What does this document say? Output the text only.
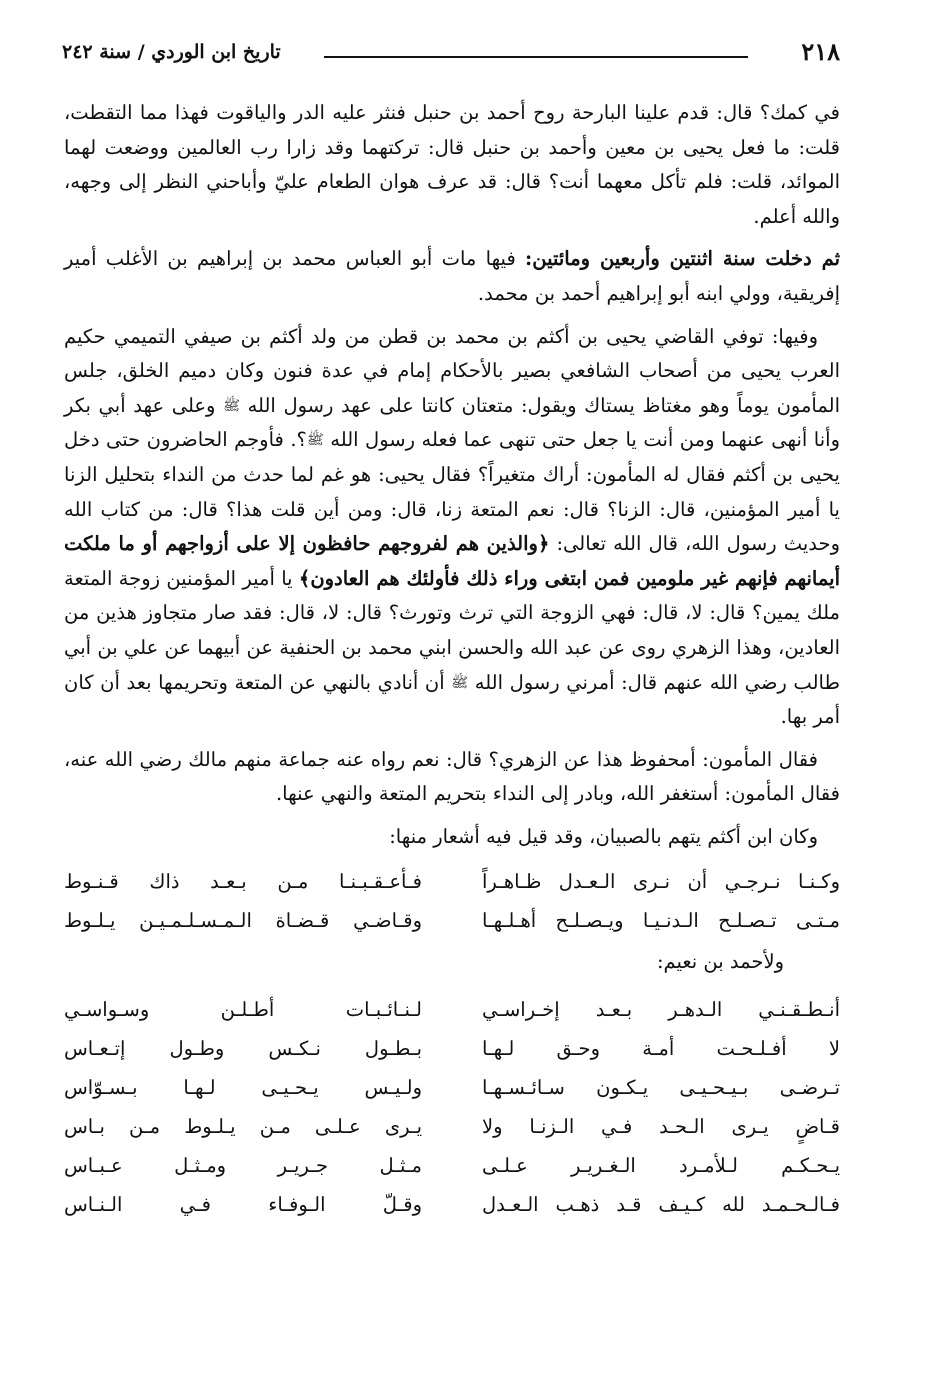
٢١٨
تاريخ ابن الوردي / سنة ٢٤٢

في كمك؟ قال: قدم علينا البارحة روح أحمد بن حنبل فنثر عليه الدر والياقوت فهذا مما التقطت، قلت: ما فعل يحيى بن معين وأحمد بن حنبل قال: تركتهما وقد زارا رب العالمين ووضعت لهما الموائد، قلت: فلم تأكل معهما أنت؟ قال: قد عرف هوان الطعام عليّ وأباحني النظر إلى وجهه، والله أعلم.

ثم دخلت سنة اثنتين وأربعين ومائتين: فيها مات أبو العباس محمد بن إبراهيم بن الأغلب أمير إفريقية، وولي ابنه أبو إبراهيم أحمد بن محمد.

وفيها: توفي القاضي يحيى بن أكثم بن محمد بن قطن من ولد أكثم بن صيفي التميمي حكيم العرب يحيى من أصحاب الشافعي بصير بالأحكام إمام في عدة فنون وكان دميم الخلق، جلس المأمون يوماً وهو مغتاظ يستاك ويقول: متعتان كانتا على عهد رسول الله ﷺ وعلى عهد أبي بكر وأنا أنهى عنهما ومن أنت يا جعل حتى تنهى عما فعله رسول الله ﷺ؟. فأوجم الحاضرون حتى دخل يحيى بن أكثم فقال له المأمون: أراك متغيراً؟ فقال يحيى: هو غم لما حدث من النداء بتحليل الزنا يا أمير المؤمنين، قال: الزنا؟ قال: نعم المتعة زنا، قال: ومن أين قلت هذا؟ قال: من كتاب الله وحديث رسول الله، قال الله تعالى: ﴿والذين هم لفروجهم حافظون إلا على أزواجهم أو ما ملكت أيمانهم فإنهم غير ملومين فمن ابتغى وراء ذلك فأولئك هم العادون﴾ يا أمير المؤمنين زوجة المتعة ملك يمين؟ قال: لا، قال: فهي الزوجة التي ترث وتورث؟ قال: لا، قال: فقد صار متجاوز هذين من العادين، وهذا الزهري روى عن عبد الله والحسن ابني محمد بن الحنفية عن أبيهما عن علي بن أبي طالب رضي الله عنهم قال: أمرني رسول الله ﷺ أن أنادي بالنهي عن المتعة وتحريمها بعد أن كان أمر بها.

فقال المأمون: أمحفوظ هذا عن الزهري؟ قال: نعم رواه عنه جماعة منهم مالك رضي الله عنه، فقال المأمون: أستغفر الله، وبادر إلى النداء بتحريم المتعة والنهي عنها.

وكان ابن أكثم يتهم بالصبيان، وقد قيل فيه أشعار منها:

وكـنـا نـرجـي أن نـرى الـعـدل ظـاهـراً
فـأعـقـبـنـا مـن بـعـد ذاك قـنـوط
مـتـى تـصـلـح الـدنـيـا ويـصـلـح أهـلـهـا
وقـاضـي قـضـاة الـمـسـلـمـيـن يـلـوط
ولأحمد بن نعيم:
أنـطـقـنـي الـدهـر بـعـد إخـراسـي
لـنـائـبـات أطـلـن وسـواسـي
لا أفـلـحـت أمـة وحـق لـهـا
بـطـول نـكـس وطـول إتـعـاس
تـرضـى بـيـحـيـى يـكـون سـائـسـهـا
ولـيـس يـحـيـى لـهـا بـسـوّاس
قـاضٍ يـرى الـحـد فـي الـزنـا ولا
يـرى عـلـى مـن يـلـوط مـن بـاس
يـحـكـم لـلأمـرد الـغـريـر عـلـى
مـثـل جـريـر ومـثـل عـبـاس
فـالـحـمـد لله كـيـف قـد ذهـب الـعـدل
وقـلّ الـوفـاء فـي الـنـاس
